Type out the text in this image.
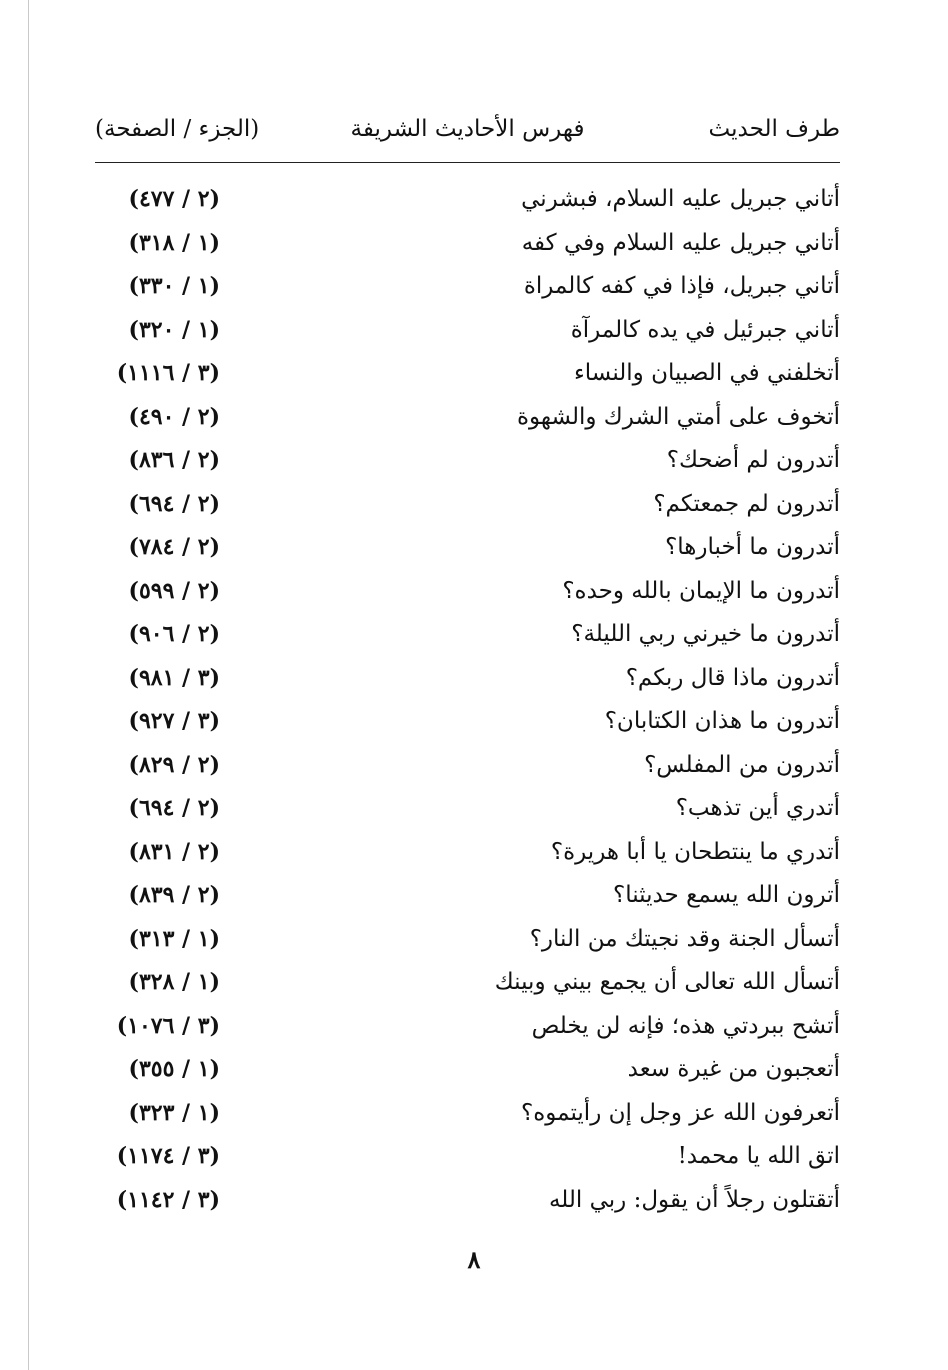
طرف الحديث
فهرس الأحاديث الشريفة
(الجزء / الصفحة)
أتاني جبريل عليه السلام، فبشرني
(٢ / ٤٧٧)
أتاني جبريل عليه السلام وفي كفه
(١ / ٣١٨)
أتاني جبريل، فإذا في كفه كالمراة
(١ / ٣٣٠)
أتاني جبرئيل في يده كالمرآة
(١ / ٣٢٠)
أتخلفني في الصبيان والنساء
(٣ / ١١١٦)
أتخوف على أمتي الشرك والشهوة
(٢ / ٤٩٠)
أتدرون لم أضحك؟
(٢ / ٨٣٦)
أتدرون لم جمعتكم؟
(٢ / ٦٩٤)
أتدرون ما أخبارها؟
(٢ / ٧٨٤)
أتدرون ما الإيمان بالله وحده؟
(٢ / ٥٩٩)
أتدرون ما خيرني ربي الليلة؟
(٢ / ٩٠٦)
أتدرون ماذا قال ربكم؟
(٣ / ٩٨١)
أتدرون ما هذان الكتابان؟
(٣ / ٩٢٧)
أتدرون من المفلس؟
(٢ / ٨٢٩)
أتدري أين تذهب؟
(٢ / ٦٩٤)
أتدري ما ينتطحان يا أبا هريرة؟
(٢ / ٨٣١)
أترون الله يسمع حديثنا؟
(٢ / ٨٣٩)
أتسأل الجنة وقد نجيتك من النار؟
(١ / ٣١٣)
أتسأل الله تعالى أن يجمع بيني وبينك
(١ / ٣٢٨)
أتشح ببردتي هذه؛ فإنه لن يخلص
(٣ / ١٠٧٦)
أتعجبون من غيرة سعد
(١ / ٣٥٥)
أتعرفون الله عز وجل إن رأيتموه؟
(١ / ٣٢٣)
اتق الله يا محمد!
(٣ / ١١٧٤)
أتقتلون رجلاً أن يقول: ربي الله
(٣ / ١١٤٢)
٨
